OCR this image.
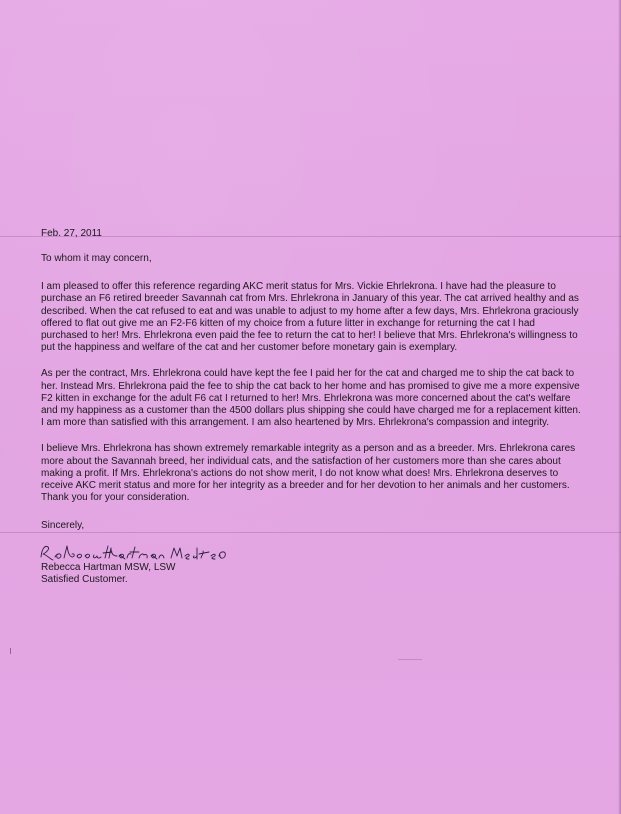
Feb. 27, 2011

To whom it may concern,

I am pleased to offer this reference regarding AKC merit status for Mrs. Vickie Ehrlekrona. I have had the pleasure to purchase an F6 retired breeder Savannah cat from Mrs. Ehrlekrona in January of this year. The cat arrived healthy and as described. When the cat refused to eat and was unable to adjust to my home after a few days, Mrs. Ehrlekrona graciously offered to flat out give me an F2-F6 kitten of my choice from a future litter in exchange for returning the cat I had purchased to her! Mrs. Ehrlekrona even paid the fee to return the cat to her! I believe that Mrs. Ehrlekrona's willingness to put the happiness and welfare of the cat and her customer before monetary gain is exemplary.

As per the contract, Mrs. Ehrlekrona could have kept the fee I paid her for the cat and charged me to ship the cat back to her. Instead Mrs. Ehrlekrona paid the fee to ship the cat back to her home and has promised to give me a more expensive F2 kitten in exchange for the adult F6 cat I returned to her! Mrs. Ehrlekrona was more concerned about the cat's welfare and my happiness as a customer than the 4500 dollars plus shipping she could have charged me for a replacement kitten. I am more than satisfied with this arrangement. I am also heartened by Mrs. Ehrlekrona's compassion and integrity.

I believe Mrs. Ehrlekrona has shown extremely remarkable integrity as a person and as a breeder. Mrs. Ehrlekrona cares more about the Savannah breed, her individual cats, and the satisfaction of her customers more than she cares about making a profit. If Mrs. Ehrlekrona's actions do not show merit, I do not know what does! Mrs. Ehrlekrona deserves to receive AKC merit status and more for her integrity as a breeder and for her devotion to her animals and her customers. Thank you for your consideration.

Sincerely,

Rebecca Hartman MSW, LSW

Satisfied Customer.
